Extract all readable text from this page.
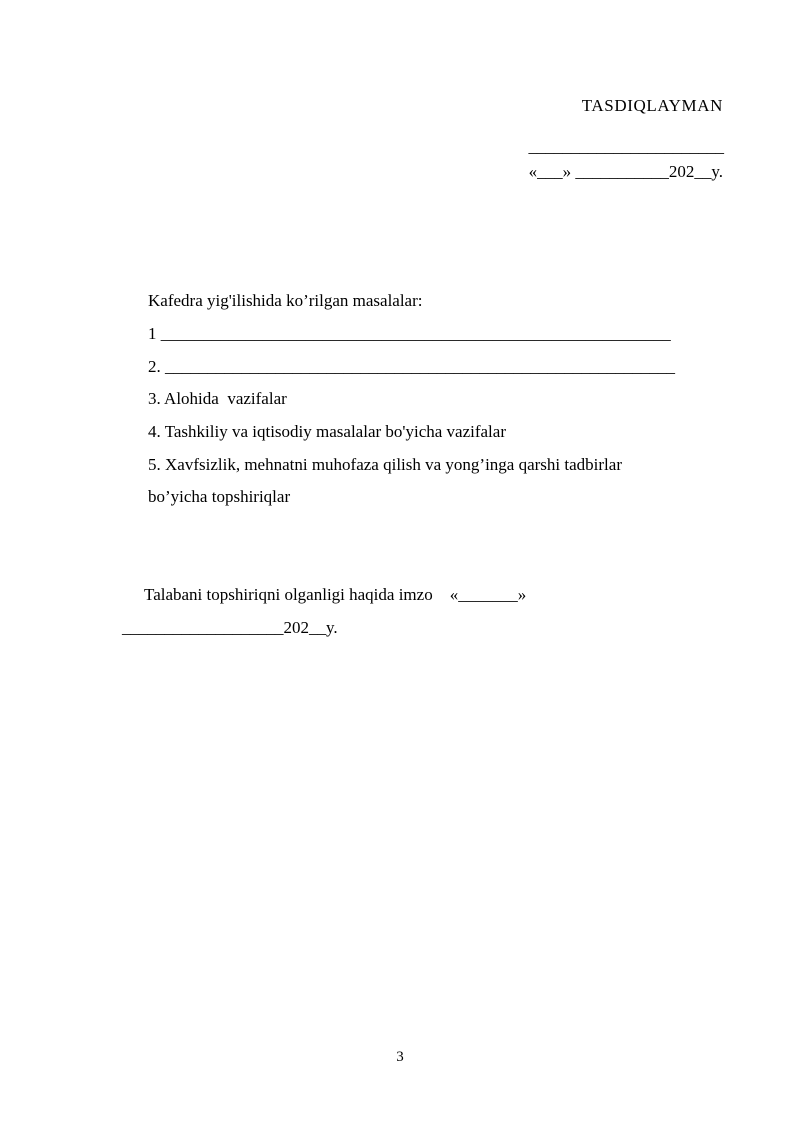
TASDIQLAYMAN
_______________________
«___» ___________202__y.
Kafedra yig'ilishida ko’rilgan masalalar:
1 ____________________________________________________________
2. ____________________________________________________________
3. Alohida  vazifalar
4. Tashkiliy va iqtisodiy masalalar bo'yicha vazifalar
5. Xavfsizlik, mehnatni muhofaza qilish va yong’inga qarshi tadbirlar
bo’yicha topshiriqlar
Talabani topshiriqni olganligi haqida imzo    «_______»
___________________202__y.
3
